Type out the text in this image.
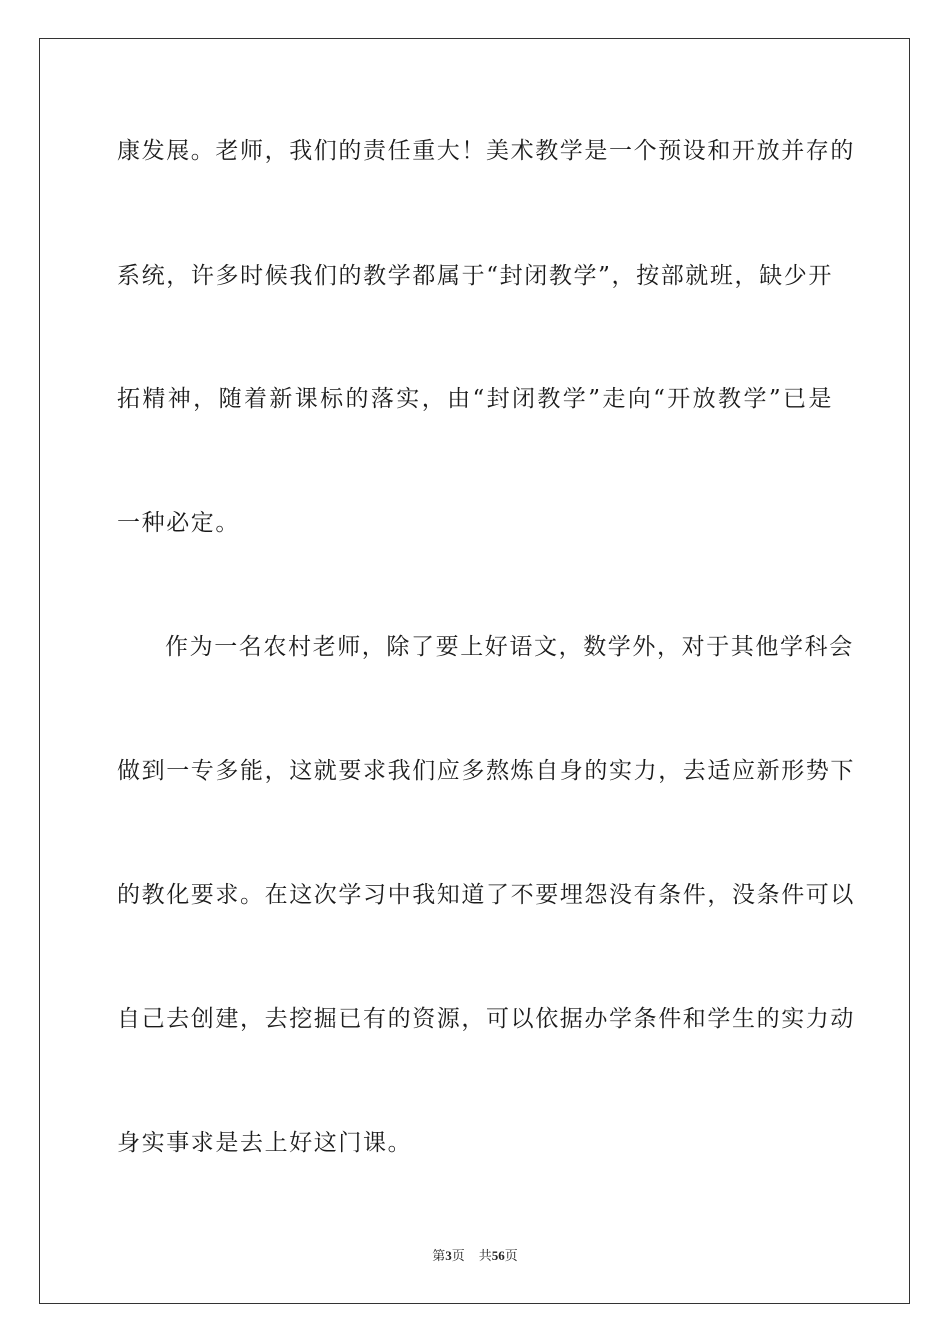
康发展。老师，我们的责任重大！美术教学是一个预设和开放并存的
系统，许多时候我们的教学都属于“封闭教学”，按部就班，缺少开
拓精神，随着新课标的落实，由“封闭教学”走向“开放教学”已是
一种必定。
作为一名农村老师，除了要上好语文，数学外，对于其他学科会
做到一专多能，这就要求我们应多熬炼自身的实力，去适应新形势下
的教化要求。在这次学习中我知道了不要埋怨没有条件，没条件可以
自己去创建，去挖掘已有的资源，可以依据办学条件和学生的实力动
身实事求是去上好这门课。
第3页 共56页
